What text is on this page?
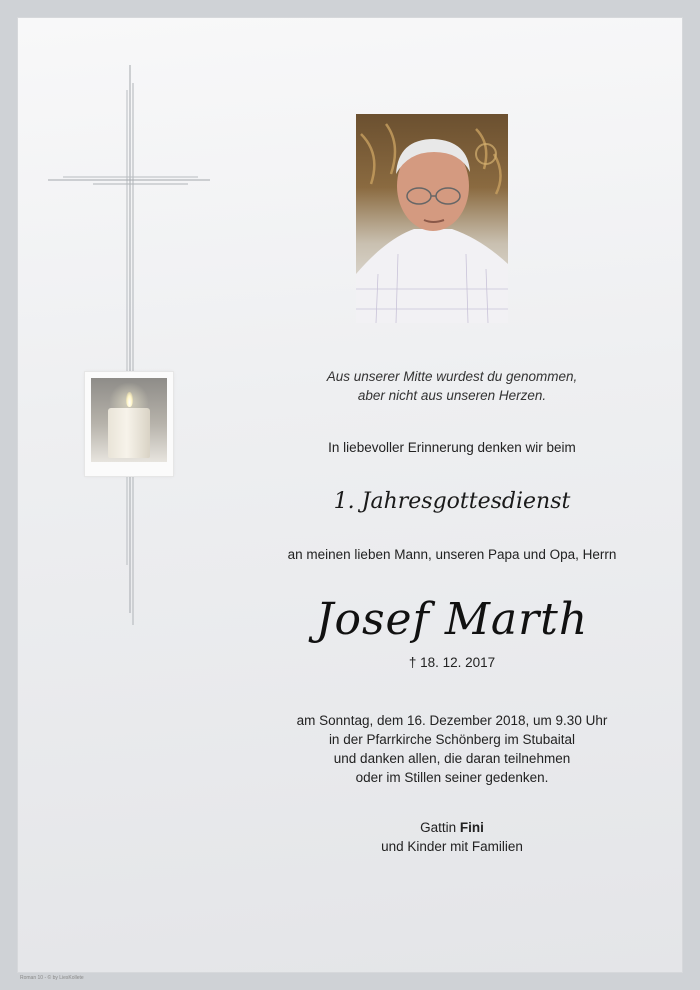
Aus unserer Mitte wurdest du genommen,
aber nicht aus unseren Herzen.
In liebevoller Erinnerung denken wir beim
1. Jahresgottesdienst
an meinen lieben Mann, unseren Papa und Opa, Herrn
Josef Marth
† 18. 12. 2017
am Sonntag, dem 16. Dezember 2018, um 9.30 Uhr
in der Pfarrkirche Schönberg im Stubaital
und danken allen, die daran teilnehmen
oder im Stillen seiner gedenken.
Gattin Fini
und Kinder mit Familien
Roman 10 - © by LiesKollete
